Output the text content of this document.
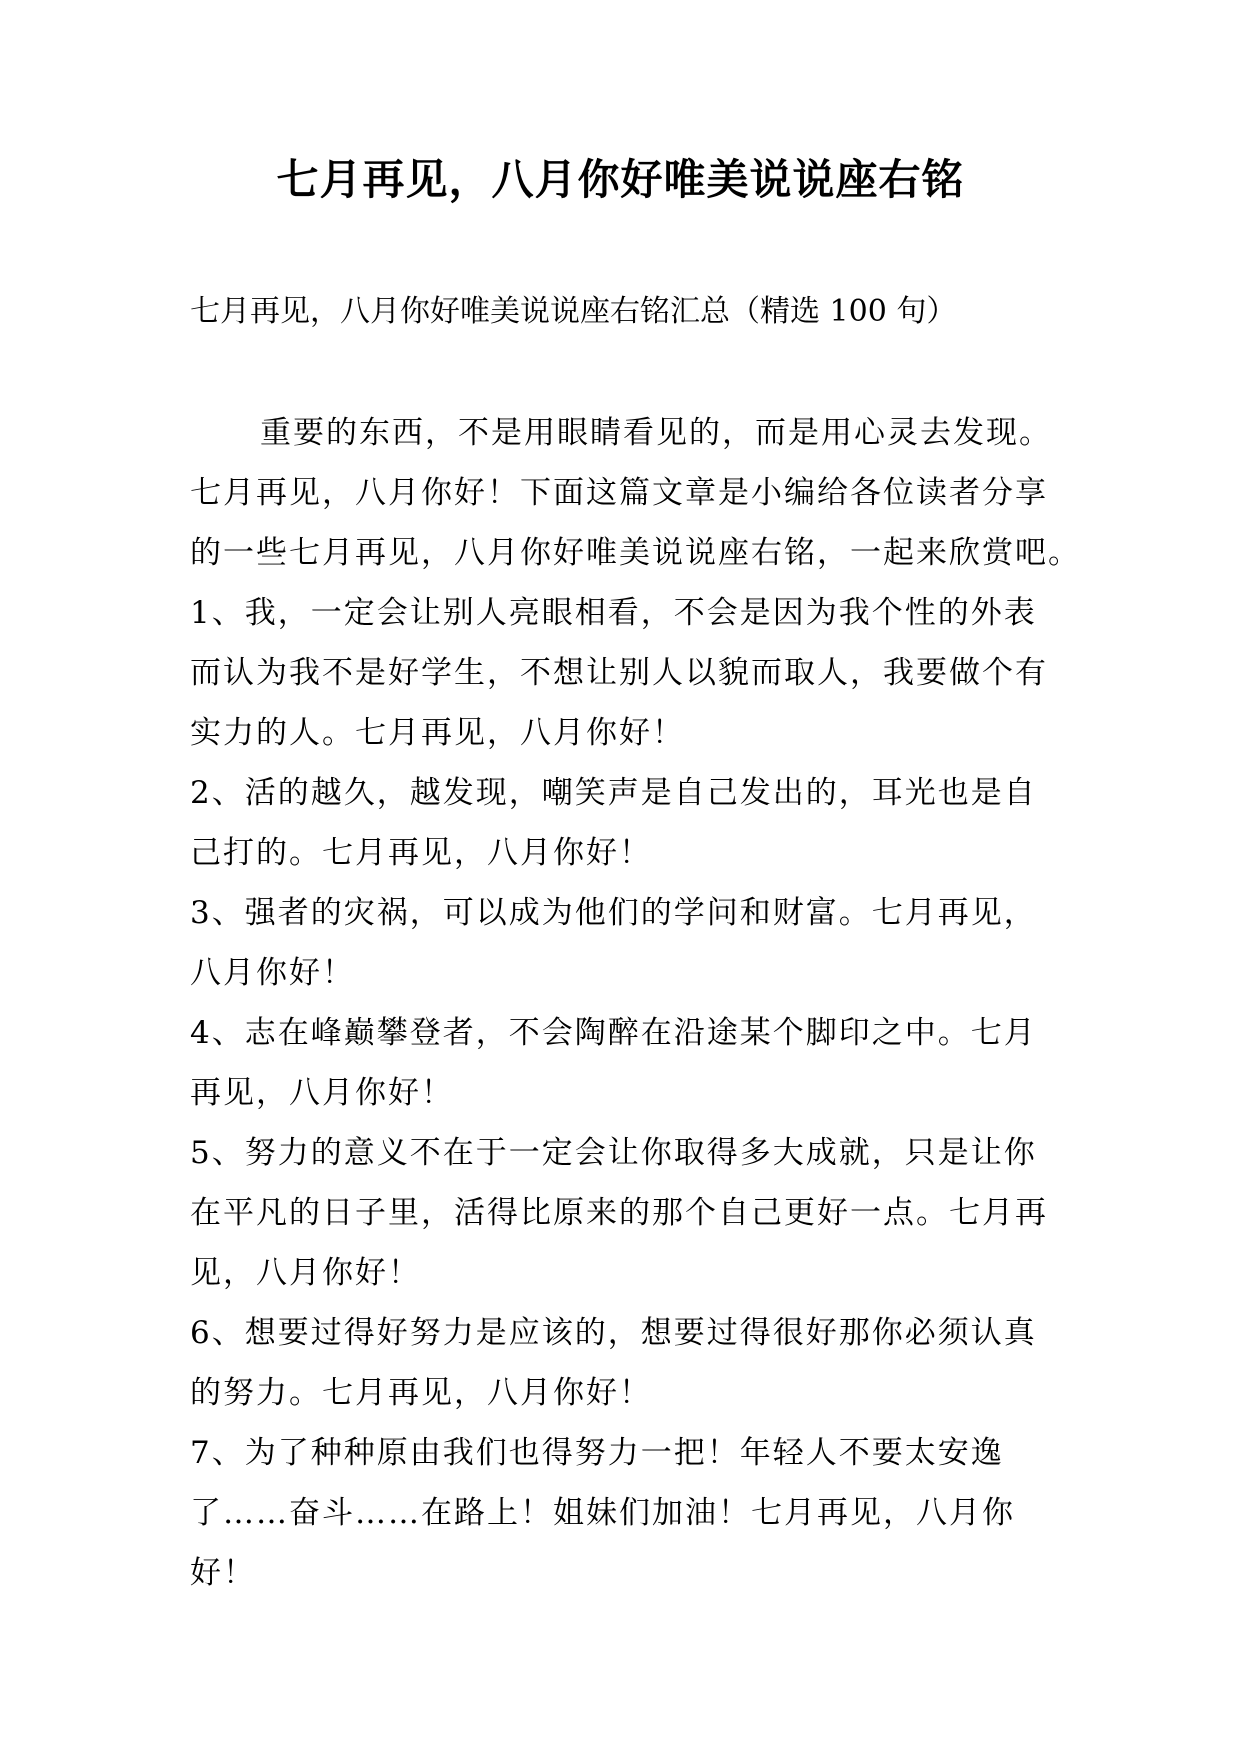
七月再见，八月你好唯美说说座右铭

七月再见，八月你好唯美说说座右铭汇总（精选 100 句）

重要的东西，不是用眼睛看见的，而是用心灵去发现。
七月再见，八月你好！下面这篇文章是小编给各位读者分享
的一些七月再见，八月你好唯美说说座右铭，一起来欣赏吧。
1、我，一定会让别人亮眼相看，不会是因为我个性的外表
而认为我不是好学生，不想让别人以貌而取人，我要做个有
实力的人。七月再见，八月你好！
2、活的越久，越发现，嘲笑声是自己发出的，耳光也是自
己打的。七月再见，八月你好！
3、强者的灾祸，可以成为他们的学问和财富。七月再见，
八月你好！
4、志在峰巅攀登者，不会陶醉在沿途某个脚印之中。七月
再见，八月你好！
5、努力的意义不在于一定会让你取得多大成就，只是让你
在平凡的日子里，活得比原来的那个自己更好一点。七月再
见，八月你好！
6、想要过得好努力是应该的，想要过得很好那你必须认真
的努力。七月再见，八月你好！
7、为了种种原由我们也得努力一把！年轻人不要太安逸
了……奋斗……在路上！姐妹们加油！七月再见，八月你
好！
